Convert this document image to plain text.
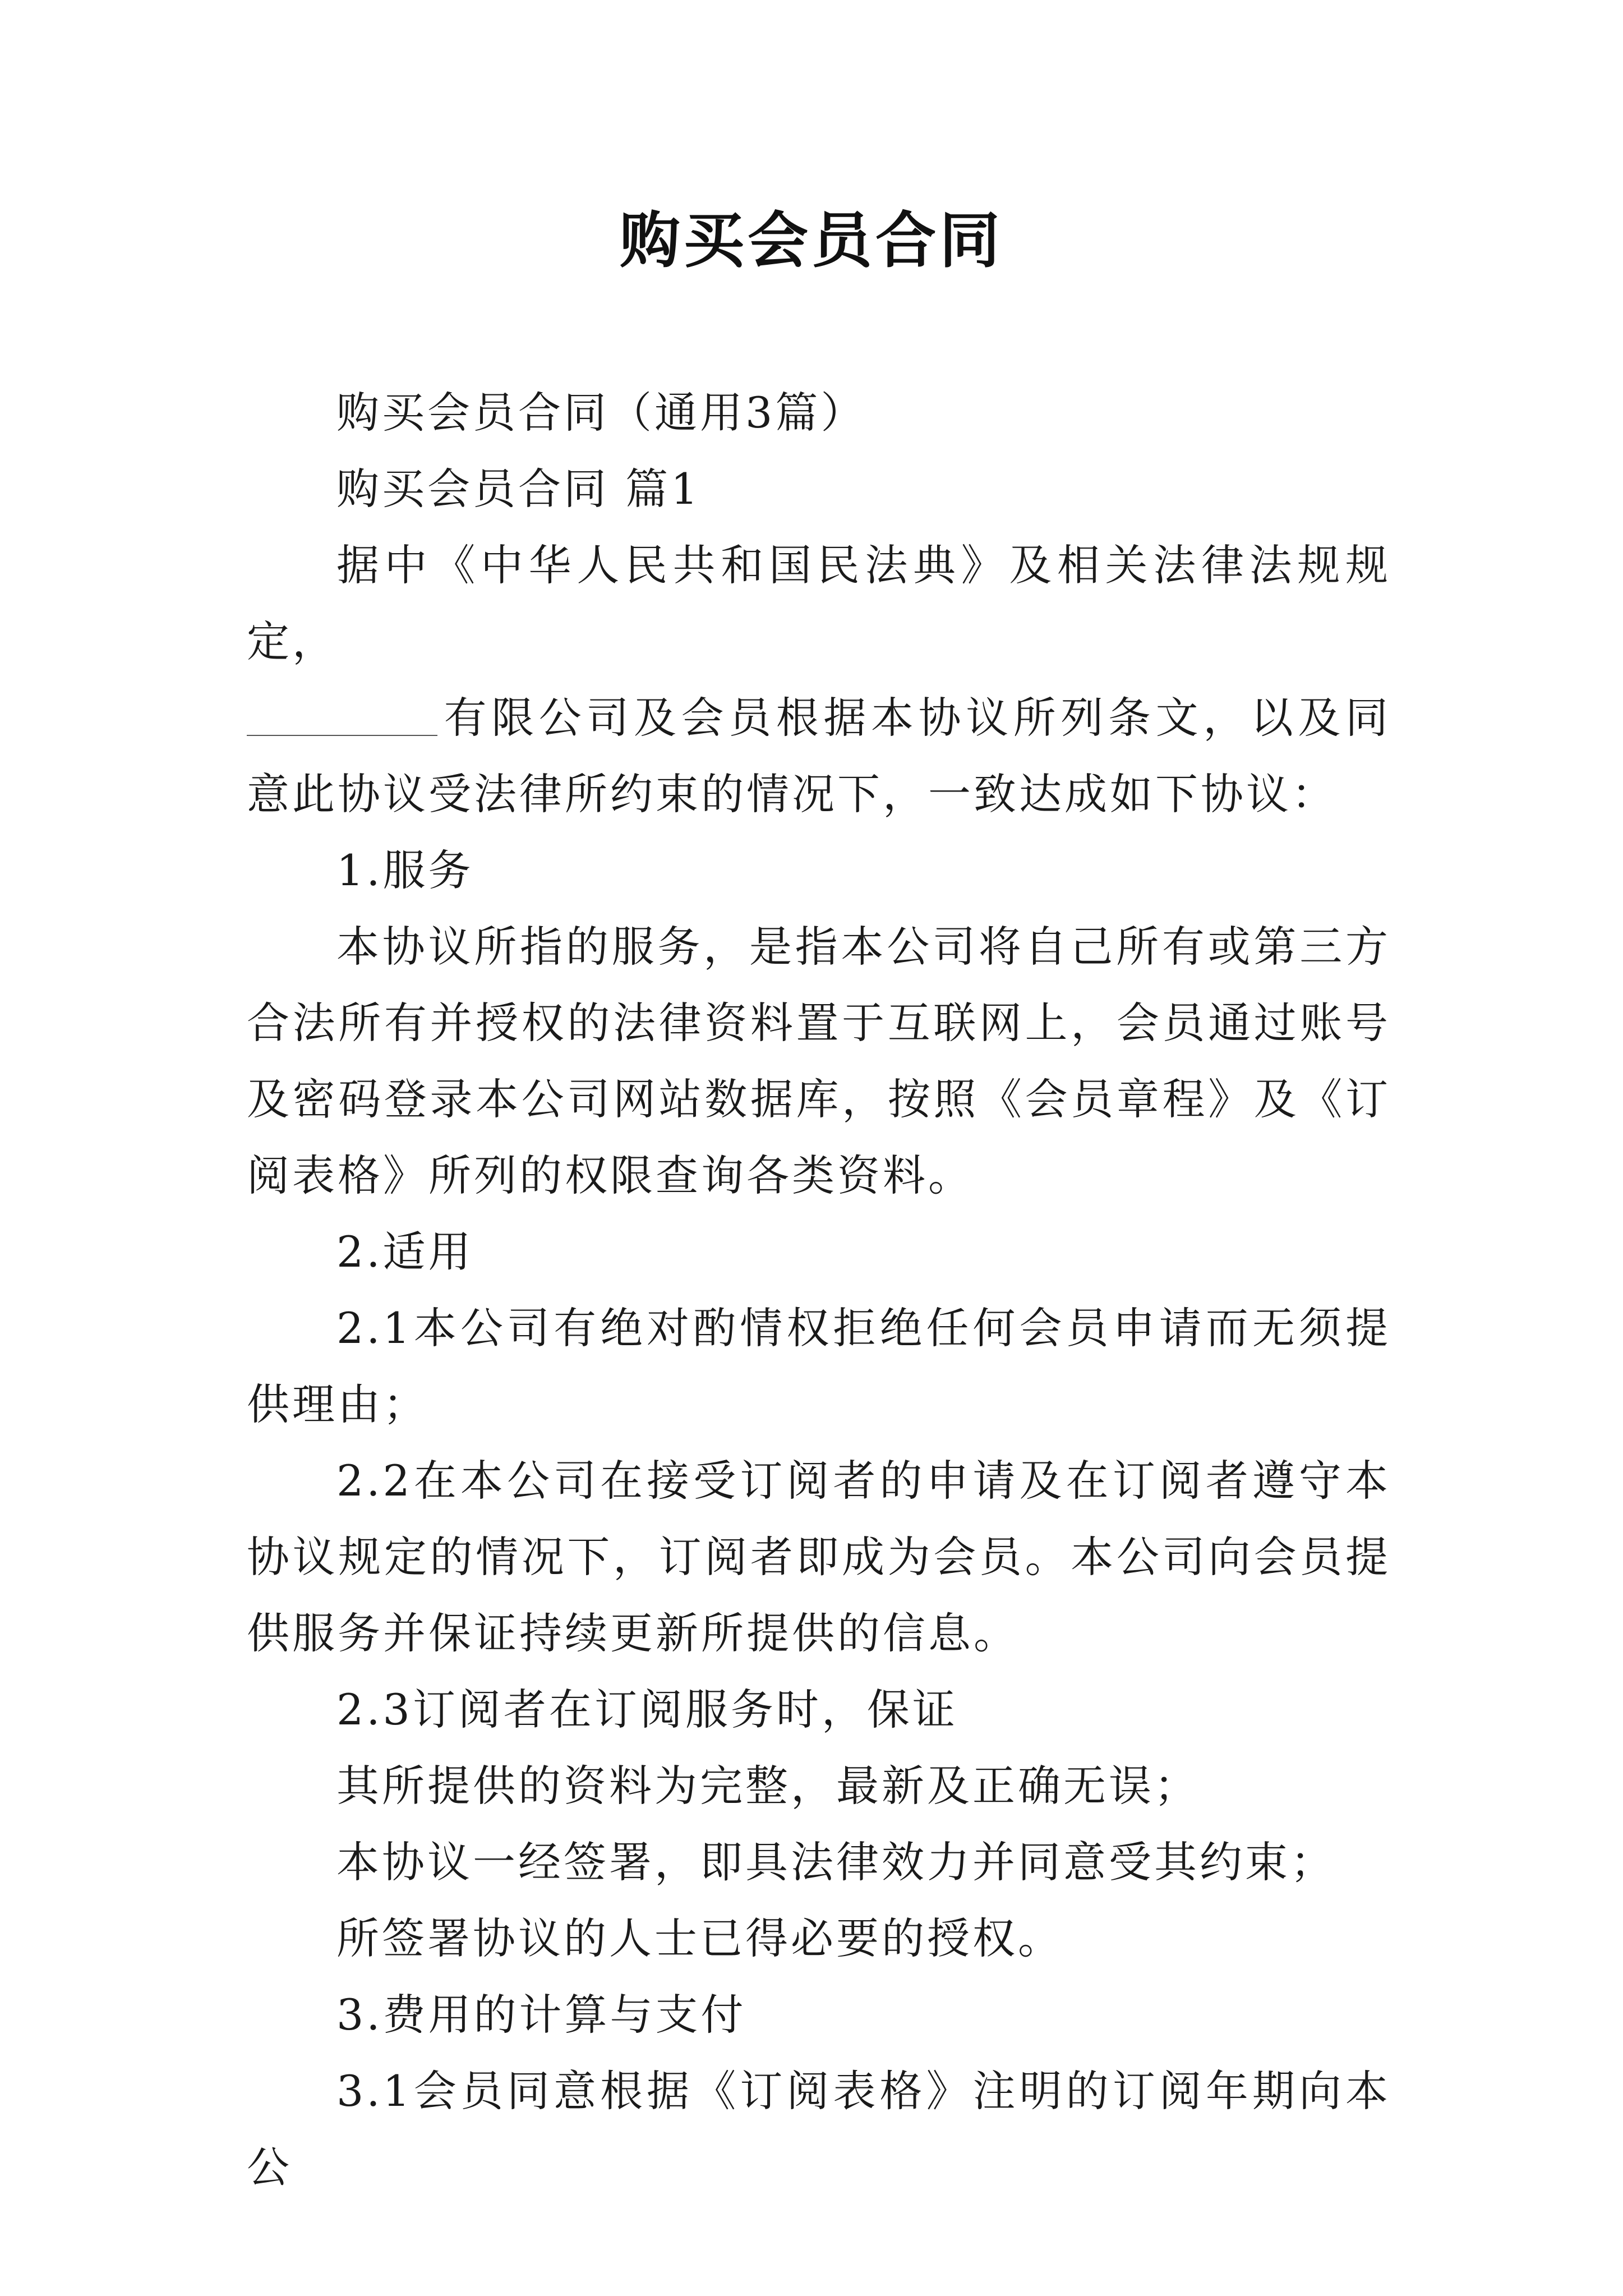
购买会员合同

购买会员合同（通用3篇）

购买会员合同 篇1

据中《中华人民共和国民法典》及相关法律法规规定，

有限公司及会员根据本协议所列条文，以及同意此协议受法律所约束的情况下，一致达成如下协议：

1.服务

本协议所指的服务，是指本公司将自己所有或第三方合法所有并授权的法律资料置于互联网上，会员通过账号及密码登录本公司网站数据库，按照《会员章程》及《订阅表格》所列的权限查询各类资料。

2.适用

2.1本公司有绝对酌情权拒绝任何会员申请而无须提供理由；

2.2在本公司在接受订阅者的申请及在订阅者遵守本协议规定的情况下，订阅者即成为会员。本公司向会员提供服务并保证持续更新所提供的信息。

2.3订阅者在订阅服务时，保证

其所提供的资料为完整，最新及正确无误；

本协议一经签署，即具法律效力并同意受其约束；

所签署协议的人士已得必要的授权。

3.费用的计算与支付

3.1会员同意根据《订阅表格》注明的订阅年期向本公
